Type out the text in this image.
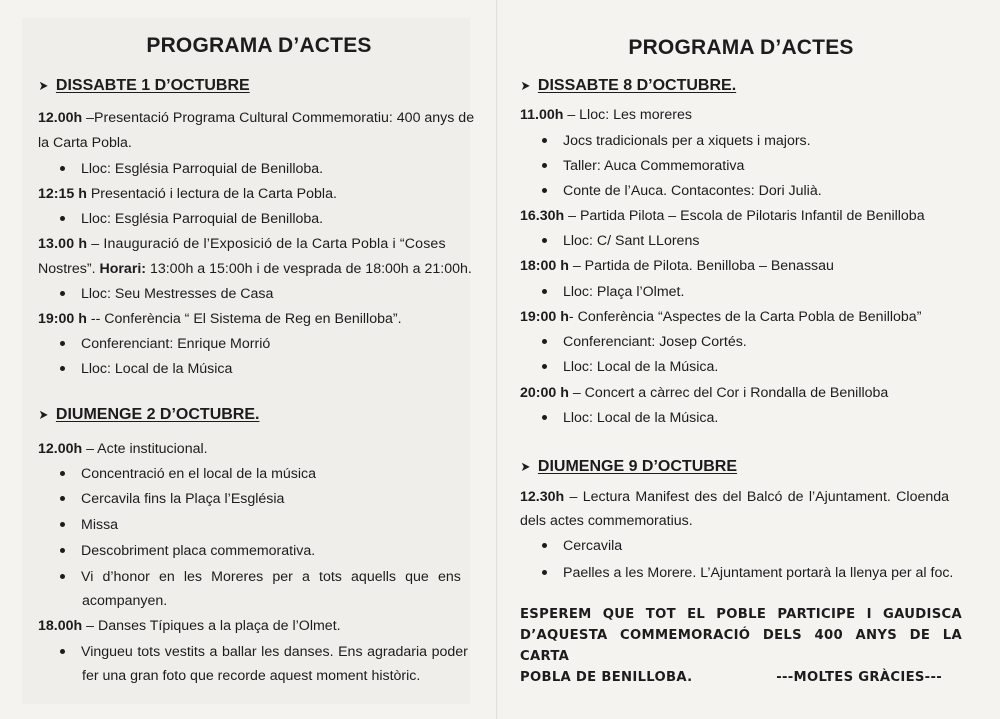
PROGRAMA D’ACTES
➤ DISSABTE 1 D’OCTUBRE
12.00h –Presentació Programa Cultural Commemoratiu: 400 anys de
la Carta Pobla.
Lloc: Església Parroquial de Benilloba.
12:15 h Presentació i lectura de la Carta Pobla.
Lloc: Església Parroquial de Benilloba.
13.00 h – Inauguració de l’Exposició de la Carta Pobla i “Coses
Nostres”. Horari: 13:00h a 15:00h i de vesprada de 18:00h a 21:00h.
Lloc: Seu Mestresses de Casa
19:00 h -- Conferència “ El Sistema de Reg en Benilloba”.
Conferenciant: Enrique Morrió
Lloc: Local de la Música
➤ DIUMENGE 2 D’OCTUBRE.
12.00h – Acte institucional.
Concentració en el local de la música
Cercavila fins la Plaça l’Església
Missa
Descobriment placa commemorativa.
Vi d’honor en les Moreres per a tots aquells que ens
acompanyen.
18.00h – Danses Típiques a la plaça de l’Olmet.
Vingueu tots vestits a ballar les danses. Ens agradaria poder
fer una gran foto que recorde aquest moment històric.
PROGRAMA D’ACTES
➤ DISSABTE 8 D’OCTUBRE.
11.00h – Lloc: Les moreres
Jocs tradicionals per a xiquets i majors.
Taller: Auca Commemorativa
Conte de l’Auca. Contacontes: Dori Julià.
16.30h – Partida Pilota – Escola de Pilotaris Infantil de Benilloba
Lloc: C/ Sant LLorens
18:00 h – Partida de Pilota. Benilloba – Benassau
Lloc: Plaça l’Olmet.
19:00 h- Conferència “Aspectes de la Carta Pobla de Benilloba”
Conferenciant: Josep Cortés.
Lloc: Local de la Música.
20:00 h – Concert a càrrec del Cor i Rondalla de Benilloba
Lloc: Local de la Música.
➤ DIUMENGE 9 D’OCTUBRE
12.30h – Lectura Manifest des del Balcó de l’Ajuntament. Cloenda
dels actes commemoratius.
Cercavila
Paelles a les Morere. L’Ajuntament portarà la llenya per al foc.
ESPEREM QUE TOT EL POBLE PARTICIPE I GAUDISCA
D’AQUESTA COMMEMORACIÓ DELS 400 ANYS DE LA CARTA
POBLA DE BENILLOBA.	---MOLTES GRÀCIES---
